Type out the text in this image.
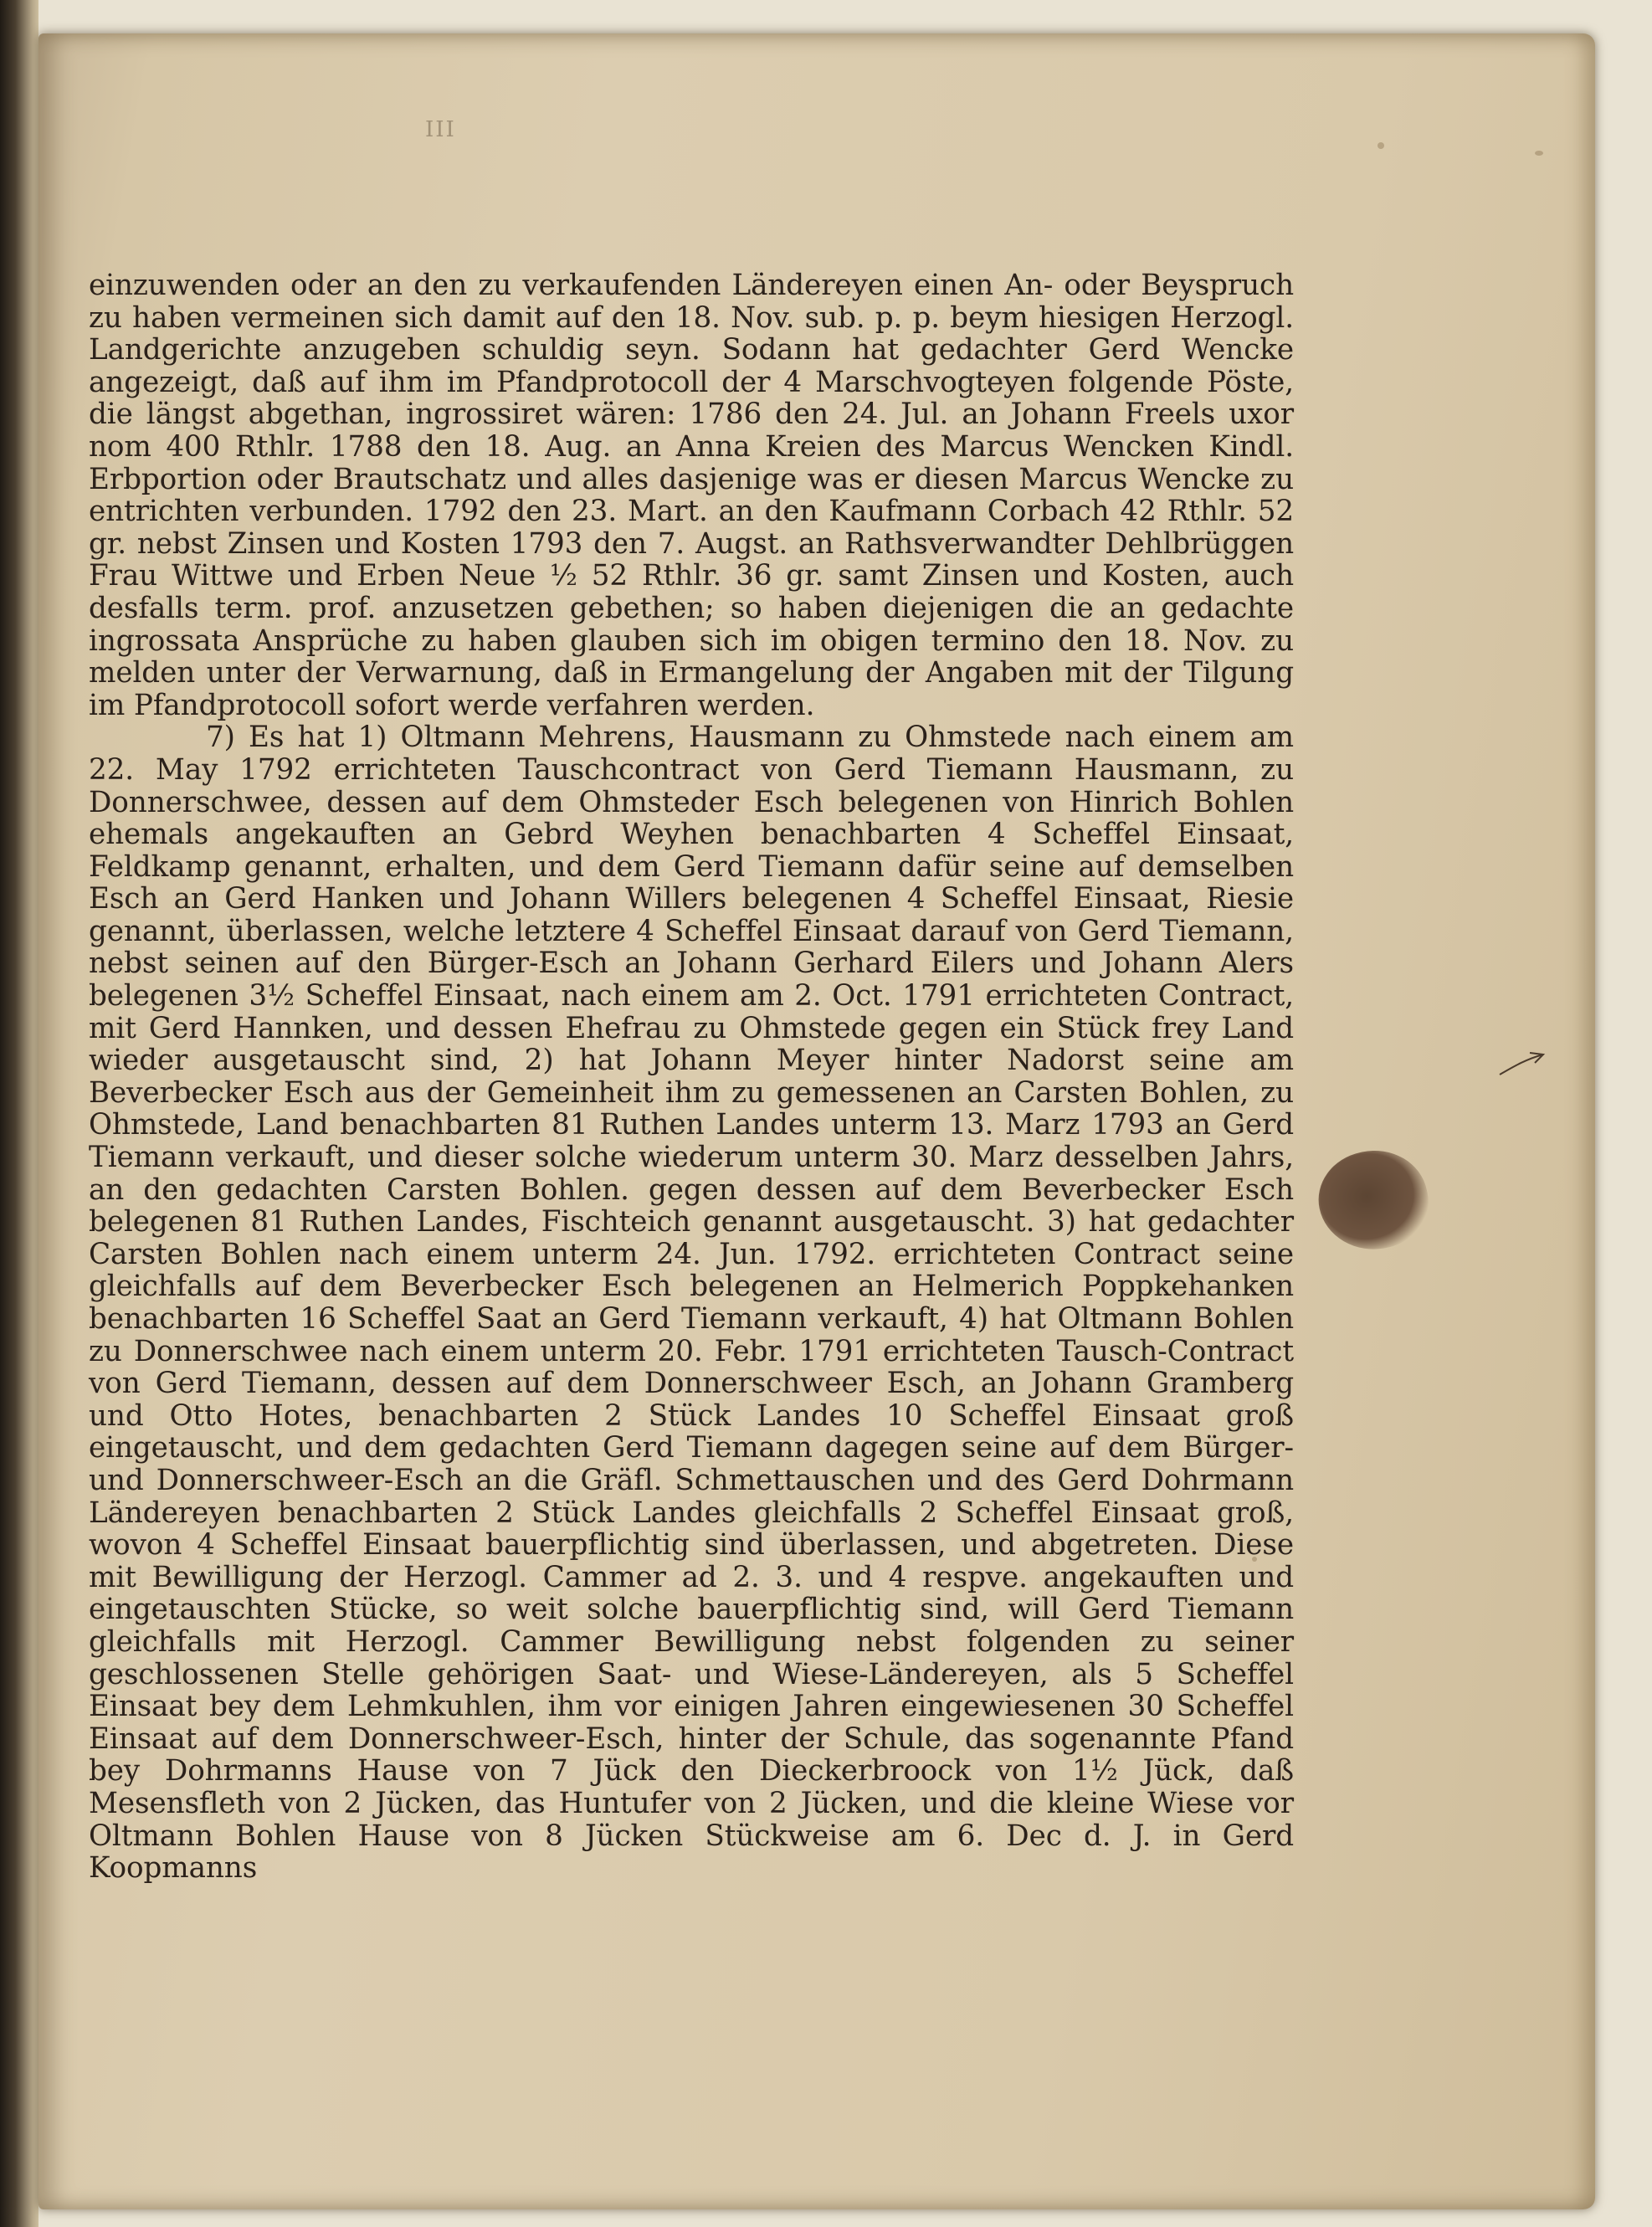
III

einzuwenden oder an den zu verkaufenden Ländereyen einen An- oder Beyspruch zu haben vermeinen sich damit auf den 18. Nov. sub. p. p. beym hiesigen Herzogl. Landgerichte anzugeben schuldig seyn. Sodann hat gedachter Gerd Wencke angezeigt, daß auf ihm im Pfandprotocoll der 4 Marschvogteyen folgende Pöste, die längst abgethan, ingrossiret wären: 1786 den 24. Jul. an Johann Freels uxor nom 400 Rthlr. 1788 den 18. Aug. an Anna Kreien des Marcus Wencken Kindl. Erbportion oder Brautschatz und alles dasjenige was er diesen Marcus Wencke zu entrichten verbunden. 1792 den 23. Mart. an den Kaufmann Corbach 42 Rthlr. 52 gr. nebst Zinsen und Kosten 1793 den 7. Augst. an Rathsverwandter Dehlbrüggen Frau Wittwe und Erben Neue ½ 52 Rthlr. 36 gr. samt Zinsen und Kosten, auch desfalls term. prof. anzusetzen gebethen; so haben diejenigen die an gedachte ingrossata Ansprüche zu haben glauben sich im obigen termino den 18. Nov. zu melden unter der Verwarnung, daß in Ermangelung der Angaben mit der Tilgung im Pfandprotocoll sofort werde verfahren werden.

7) Es hat 1) Oltmann Mehrens, Hausmann zu Ohmstede nach einem am 22. May 1792 errichteten Tauschcontract von Gerd Tiemann Hausmann, zu Donnerschwee, dessen auf dem Ohmsteder Esch belegenen von Hinrich Bohlen ehemals angekauften an Gebrd Weyhen benachbarten 4 Scheffel Einsaat, Feldkamp genannt, erhalten, und dem Gerd Tiemann dafür seine auf demselben Esch an Gerd Hanken und Johann Willers belegenen 4 Scheffel Einsaat, Riesie genannt, überlassen, welche letztere 4 Scheffel Einsaat darauf von Gerd Tiemann, nebst seinen auf den Bürger-Esch an Johann Gerhard Eilers und Johann Alers belegenen 3½ Scheffel Einsaat, nach einem am 2. Oct. 1791 errichteten Contract, mit Gerd Hannken, und dessen Ehefrau zu Ohmstede gegen ein Stück frey Land wieder ausgetauscht sind, 2) hat Johann Meyer hinter Nadorst seine am Beverbecker Esch aus der Gemeinheit ihm zu gemessenen an Carsten Bohlen, zu Ohmstede, Land benachbarten 81 Ruthen Landes unterm 13. Marz 1793 an Gerd Tiemann verkauft, und dieser solche wiederum unterm 30. Marz desselben Jahrs, an den gedachten Carsten Bohlen. gegen dessen auf dem Beverbecker Esch belegenen 81 Ruthen Landes, Fischteich genannt ausgetauscht. 3) hat gedachter Carsten Bohlen nach einem unterm 24. Jun. 1792. errichteten Contract seine gleichfalls auf dem Beverbecker Esch belegenen an Helmerich Poppkehanken benachbarten 16 Scheffel Saat an Gerd Tiemann verkauft, 4) hat Oltmann Bohlen zu Donnerschwee nach einem unterm 20. Febr. 1791 errichteten Tausch-Contract von Gerd Tiemann, dessen auf dem Donnerschweer Esch, an Johann Gramberg und Otto Hotes, benachbarten 2 Stück Landes 10 Scheffel Einsaat groß eingetauscht, und dem gedachten Gerd Tiemann dagegen seine auf dem Bürger- und Donnerschweer-Esch an die Gräfl. Schmettauschen und des Gerd Dohrmann Ländereyen benachbarten 2 Stück Landes gleichfalls 2 Scheffel Einsaat groß, wovon 4 Scheffel Einsaat bauerpflichtig sind überlassen, und abgetreten. Diese mit Bewilligung der Herzogl. Cammer ad 2. 3. und 4 respve. angekauften und eingetauschten Stücke, so weit solche bauerpflichtig sind, will Gerd Tiemann gleichfalls mit Herzogl. Cammer Bewilligung nebst folgenden zu seiner geschlossenen Stelle gehörigen Saat- und Wiese-Ländereyen, als 5 Scheffel Einsaat bey dem Lehmkuhlen, ihm vor einigen Jahren eingewiesenen 30 Scheffel Einsaat auf dem Donnerschweer-Esch, hinter der Schule, das sogenannte Pfand bey Dohrmanns Hause von 7 Jück den Dieckerbroock von 1½ Jück, daß Mesensfleth von 2 Jücken, das Huntufer von 2 Jücken, und die kleine Wiese vor Oltmann Bohlen Hause von 8 Jücken Stückweise am 6. Dec d. J. in Gerd Koopmanns
